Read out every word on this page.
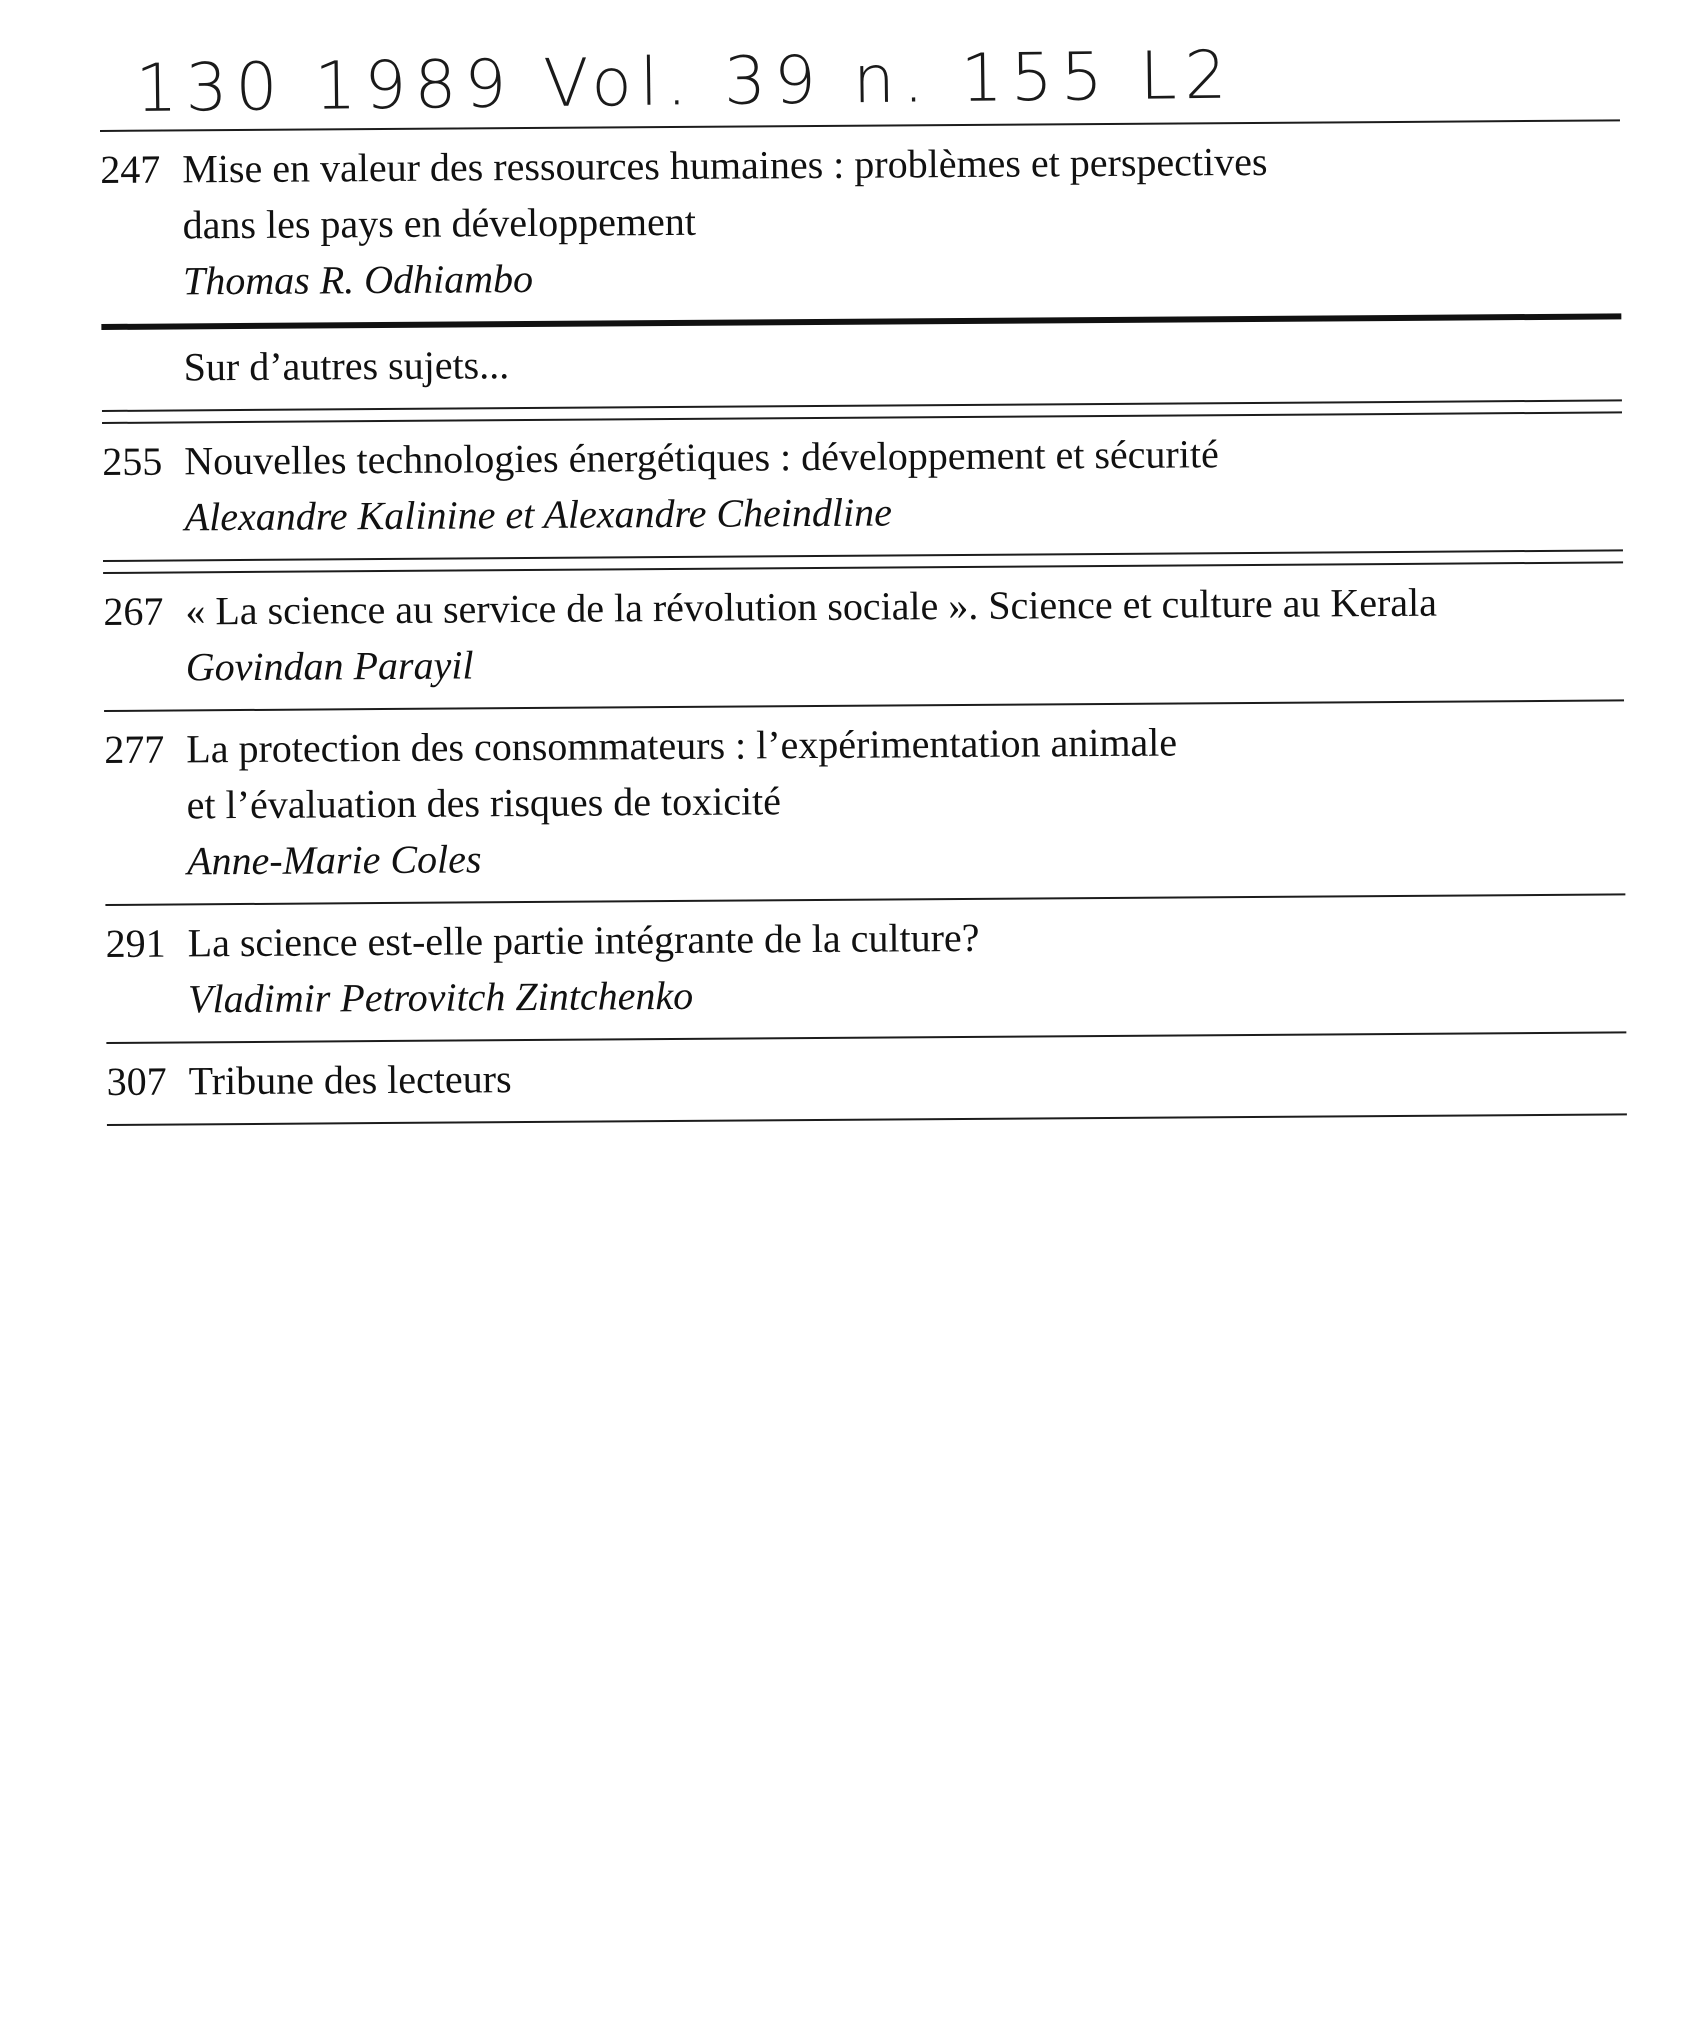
130 1989 Vol. 39 n. 155 L2
247 Mise en valeur des ressources humaines : problèmes et perspectives
dans les pays en développement
Thomas R. Odhiambo
Sur d’autres sujets...
255 Nouvelles technologies énergétiques : développement et sécurité
Alexandre Kalinine et Alexandre Cheindline
267 « La science au service de la révolution sociale ». Science et culture au Kerala
Govindan Parayil
277 La protection des consommateurs : l’expérimentation animale
et l’évaluation des risques de toxicité
Anne-Marie Coles
291 La science est-elle partie intégrante de la culture?
Vladimir Petrovitch Zintchenko
307 Tribune des lecteurs
